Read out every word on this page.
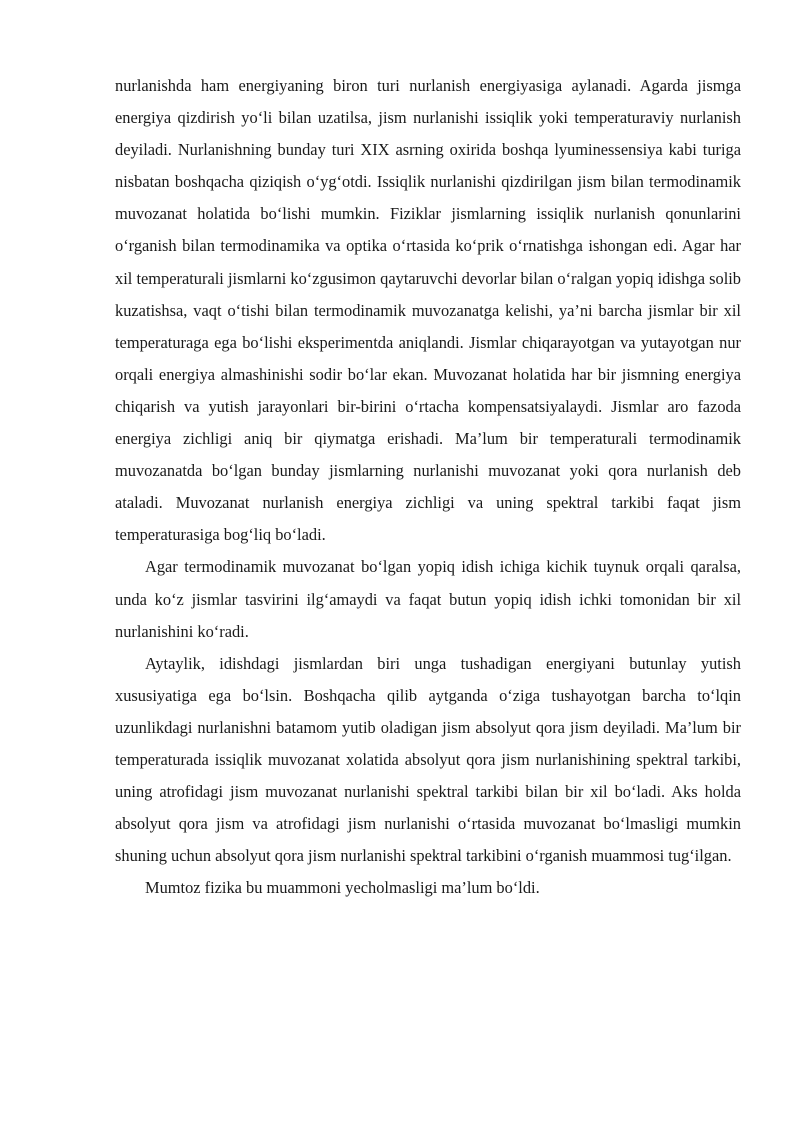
nurlanishda ham energiyaning biron turi nurlanish energiyasiga aylanadi. Agarda jismga energiya qizdirish yo‘li bilan uzatilsa, jism nurlanishi issiqlik yoki temperaturaviy nurlanish deyiladi. Nurlanishning bunday turi XIX asrning oxirida boshqa lyuminessensiya kabi turiga nisbatan boshqacha qiziqish o‘yg‘otdi. Issiqlik nurlanishi qizdirilgan jism bilan termodinamik muvozanat holatida bo‘lishi mumkin. Fiziklar jismlarning issiqlik nurlanish qonunlarini o‘rganish bilan termodinamika va optika o‘rtasida ko‘prik o‘rnatishga ishongan edi. Agar har xil temperaturali jismlarni ko‘zgusimon qaytaruvchi devorlar bilan o‘ralgan yopiq idishga solib kuzatishsa, vaqt o‘tishi bilan termodinamik muvozanatga kelishi, ya’ni barcha jismlar bir xil temperaturaga ega bo‘lishi eksperimentda aniqlandi. Jismlar chiqarayotgan va yutayotgan nur orqali energiya almashinishi sodir bo‘lar ekan. Muvozanat holatida har bir jismning energiya chiqarish va yutish jarayonlari bir-birini o‘rtacha kompensatsiyalaydi. Jismlar aro fazoda energiya zichligi aniq bir qiymatga erishadi. Ma’lum bir temperaturali termodinamik muvozanatda bo‘lgan bunday jismlarning nurlanishi muvozanat yoki qora nurlanish deb ataladi. Muvozanat nurlanish energiya zichligi va uning spektral tarkibi faqat jism temperaturasiga bog‘liq bo‘ladi.

Agar termodinamik muvozanat bo‘lgan yopiq idish ichiga kichik tuynuk orqali qaralsa, unda ko‘z jismlar tasvirini ilg‘amaydi va faqat butun yopiq idish ichki tomonidan bir xil nurlanishini ko‘radi.

Aytaylik, idishdagi jismlardan biri unga tushadigan energiyani butunlay yutish xususiyatiga ega bo‘lsin. Boshqacha qilib aytganda o‘ziga tushayotgan barcha to‘lqin uzunlikdagi nurlanishni batamom yutib oladigan jism absolyut qora jism deyiladi. Ma’lum bir temperaturada issiqlik muvozanat xolatida absolyut qora jism nurlanishining spektral tarkibi, uning atrofidagi jism muvozanat nurlanishi spektral tarkibi bilan bir xil bo‘ladi. Aks holda absolyut qora jism va atrofidagi jism nurlanishi o‘rtasida muvozanat bo‘lmasligi mumkin shuning uchun absolyut qora jism nurlanishi spektral tarkibini o‘rganish muammosi tug‘ilgan.

Mumtoz fizika bu muammoni yecholmasligi ma’lum bo‘ldi.
